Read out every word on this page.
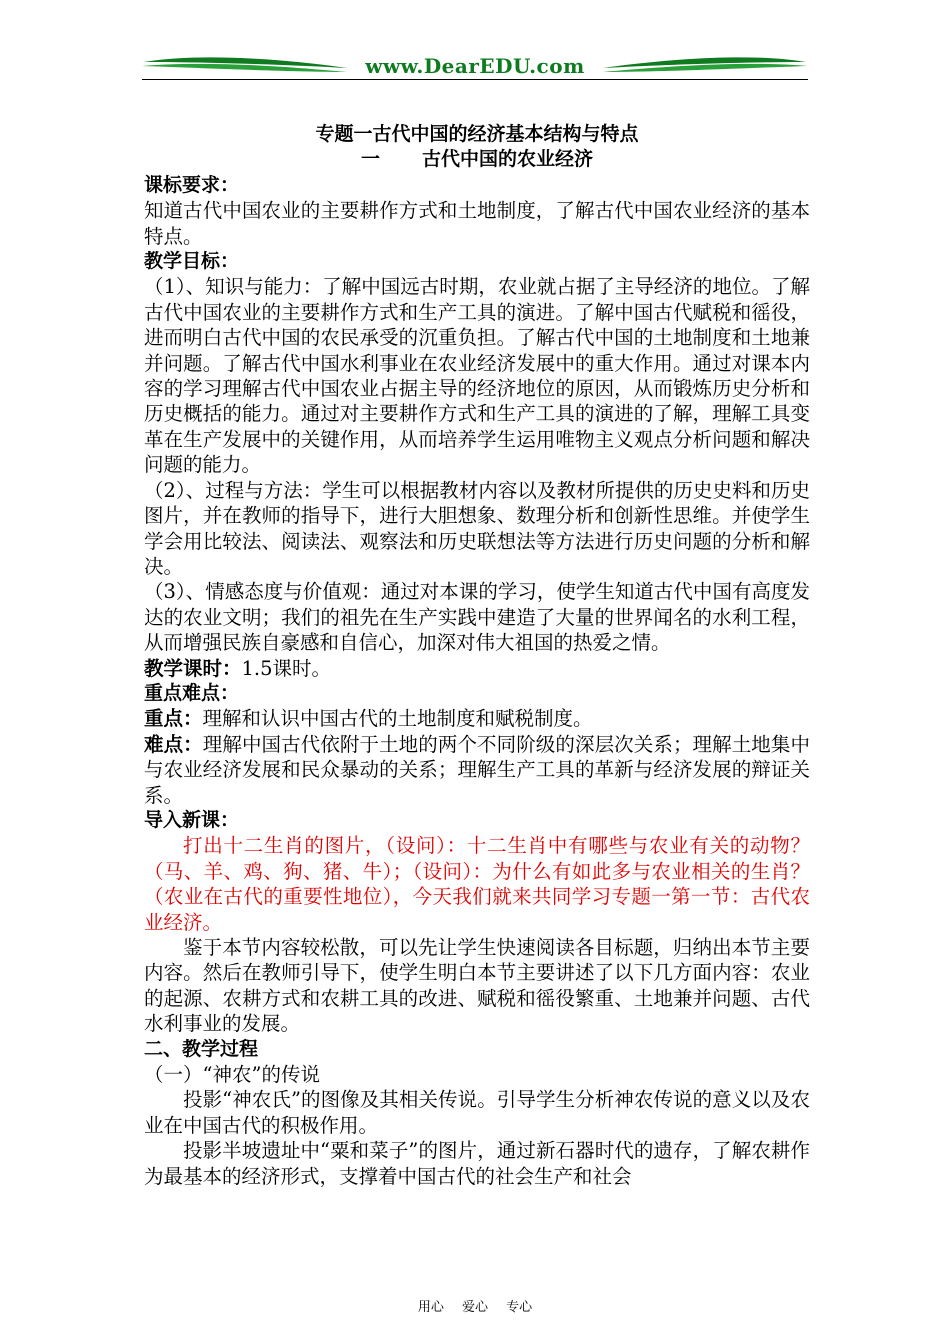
www.DearEDU.com
专题一古代中国的经济基本结构与特点
一 古代中国的农业经济
课标要求：

知道古代中国农业的主要耕作方式和土地制度，了解古代中国农业经济的基本特点。

教学目标：

（1）、知识与能力：了解中国远古时期，农业就占据了主导经济的地位。了解古代中国农业的主要耕作方式和生产工具的演进。了解中国古代赋税和徭役，进而明白古代中国的农民承受的沉重负担。了解古代中国的土地制度和土地兼并问题。了解古代中国水利事业在农业经济发展中的重大作用。通过对课本内容的学习理解古代中国农业占据主导的经济地位的原因，从而锻炼历史分析和历史概括的能力。通过对主要耕作方式和生产工具的演进的了解，理解工具变革在生产发展中的关键作用，从而培养学生运用唯物主义观点分析问题和解决问题的能力。

（2）、过程与方法：学生可以根据教材内容以及教材所提供的历史史料和历史图片，并在教师的指导下，进行大胆想象、数理分析和创新性思维。并使学生学会用比较法、阅读法、观察法和历史联想法等方法进行历史问题的分析和解决。

（3）、情感态度与价值观：通过对本课的学习，使学生知道古代中国有高度发达的农业文明；我们的祖先在生产实践中建造了大量的世界闻名的水利工程，从而增强民族自豪感和自信心，加深对伟大祖国的热爱之情。

教学课时：1.5课时。

重点难点：

重点：理解和认识中国古代的土地制度和赋税制度。

难点：理解中国古代依附于土地的两个不同阶级的深层次关系；理解土地集中与农业经济发展和民众暴动的关系；理解生产工具的革新与经济发展的辩证关系。

导入新课：

打出十二生肖的图片，（设问）：十二生肖中有哪些与农业有关的动物？（马、羊、鸡、狗、猪、牛）；（设问）：为什么有如此多与农业相关的生肖？（农业在古代的重要性地位），今天我们就来共同学习专题一第一节：古代农业经济。

鉴于本节内容较松散，可以先让学生快速阅读各目标题，归纳出本节主要内容。然后在教师引导下，使学生明白本节主要讲述了以下几方面内容：农业的起源、农耕方式和农耕工具的改进、赋税和徭役繁重、土地兼并问题、古代水利事业的发展。

二、教学过程

（一）“神农”的传说

投影“神农氏”的图像及其相关传说。引导学生分析神农传说的意义以及农业在中国古代的积极作用。

投影半坡遗址中“粟和菜子”的图片，通过新石器时代的遗存，了解农耕作为最基本的经济形式，支撑着中国古代的社会生产和社会

用心 爱心 专心
